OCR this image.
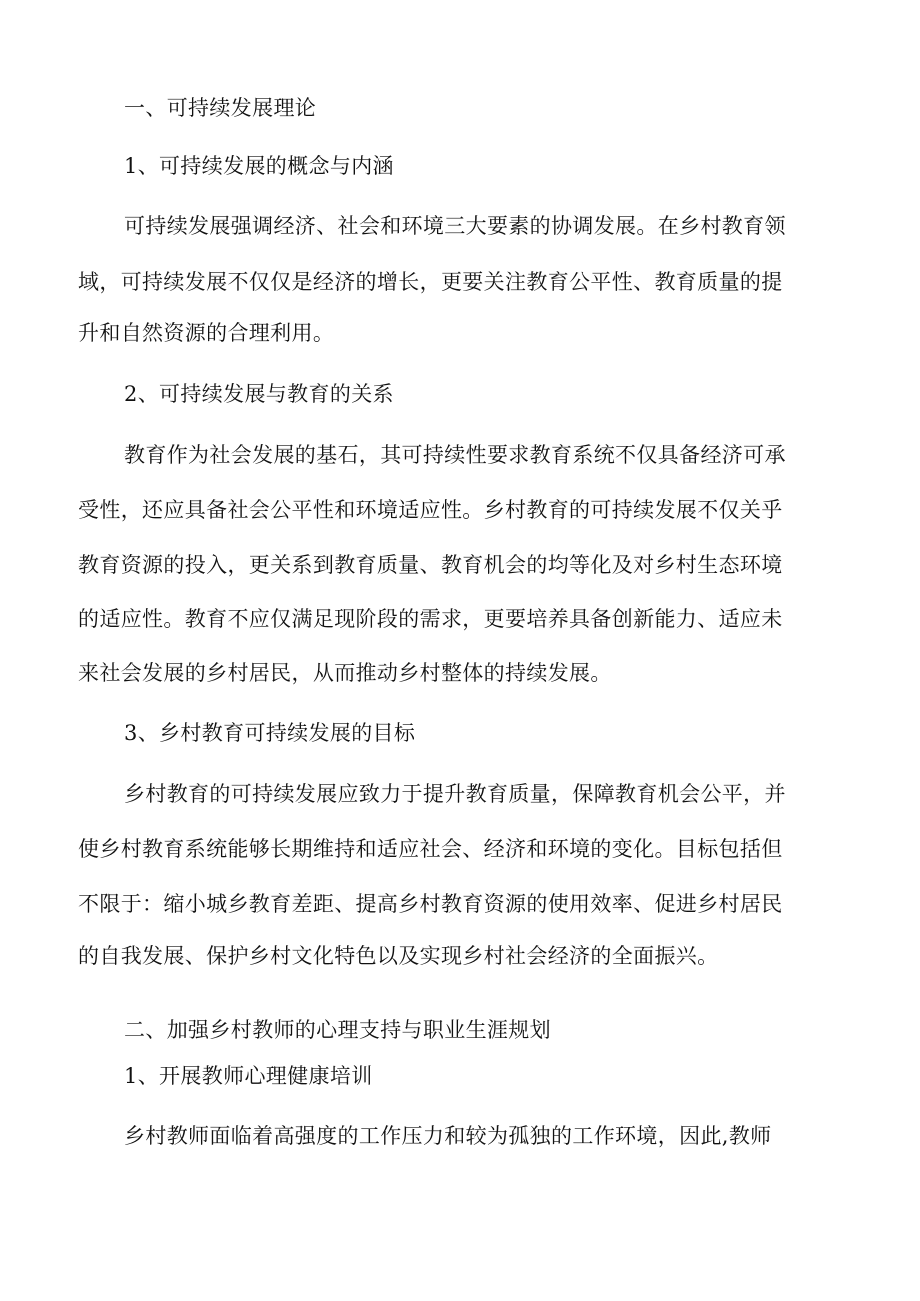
一、可持续发展理论
1、可持续发展的概念与内涵
可持续发展强调经济、社会和环境三大要素的协调发展。在乡村教育领
域，可持续发展不仅仅是经济的增长，更要关注教育公平性、教育质量的提
升和自然资源的合理利用。
2、可持续发展与教育的关系
教育作为社会发展的基石，其可持续性要求教育系统不仅具备经济可承
受性，还应具备社会公平性和环境适应性。乡村教育的可持续发展不仅关乎
教育资源的投入，更关系到教育质量、教育机会的均等化及对乡村生态环境
的适应性。教育不应仅满足现阶段的需求，更要培养具备创新能力、适应未
来社会发展的乡村居民，从而推动乡村整体的持续发展。
3、乡村教育可持续发展的目标
乡村教育的可持续发展应致力于提升教育质量，保障教育机会公平，并
使乡村教育系统能够长期维持和适应社会、经济和环境的变化。目标包括但
不限于：缩小城乡教育差距、提高乡村教育资源的使用效率、促进乡村居民
的自我发展、保护乡村文化特色以及实现乡村社会经济的全面振兴。
二、加强乡村教师的心理支持与职业生涯规划
1、开展教师心理健康培训
乡村教师面临着高强度的工作压力和较为孤独的工作环境，因此,教师
